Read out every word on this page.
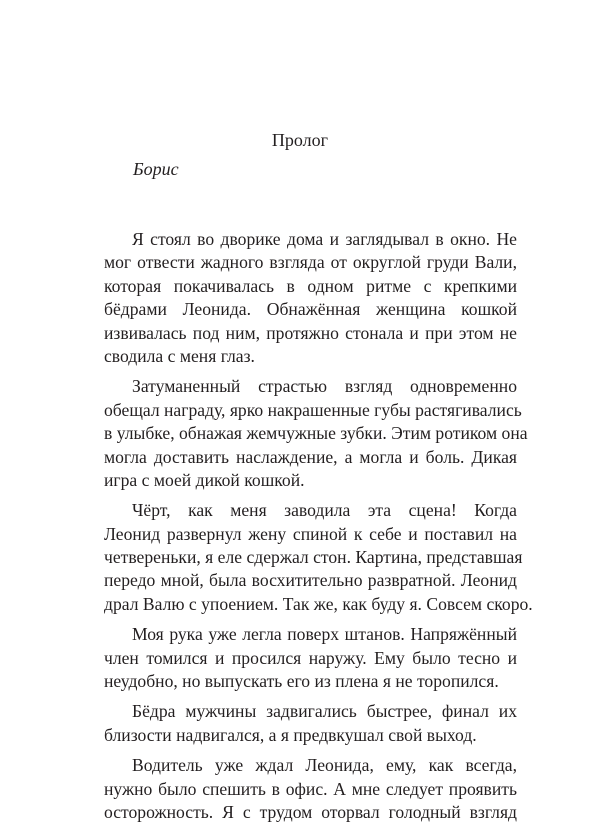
Пролог
Борис
Я стоял во дворике дома и заглядывал в окно. Не
мог отвести жадного взгляда от округлой груди Вали,
которая покачивалась в одном ритме с крепкими
бёдрами Леонида. Обнажённая женщина кошкой
извивалась под ним, протяжно стонала и при этом не
сводила с меня глаз.
Затуманенный страстью взгляд одновременно
обещал награду, ярко накрашенные губы растягивались
в улыбке, обнажая жемчужные зубки. Этим ротиком она
могла доставить наслаждение, а могла и боль. Дикая
игра с моей дикой кошкой.
Чёрт, как меня заводила эта сцена! Когда
Леонид развернул жену спиной к себе и поставил на
четвереньки, я еле сдержал стон. Картина, представшая
передо мной, была восхитительно развратной. Леонид
драл Валю с упоением. Так же, как буду я. Совсем скоро.
Моя рука уже легла поверх штанов. Напряжённый
член томился и просился наружу. Ему было тесно и
неудобно, но выпускать его из плена я не торопился.
Бёдра мужчины задвигались быстрее, финал их
близости надвигался, а я предвкушал свой выход.
Водитель уже ждал Леонида, ему, как всегда,
нужно было спешить в офис. А мне следует проявить
осторожность. Я с трудом оторвал голодный взгляд
